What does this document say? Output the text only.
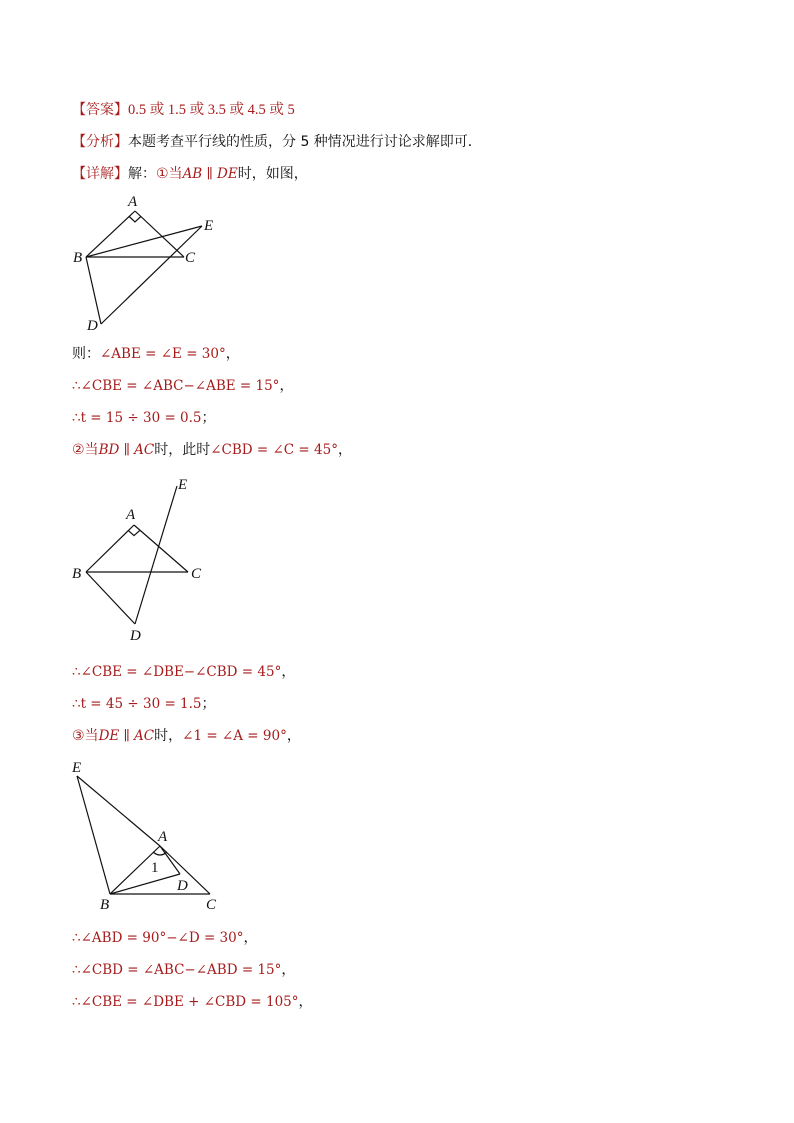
【答案】0.5 或 1.5 或 3.5 或 4.5 或 5
【分析】本题考查平行线的性质，分 5 种情况进行讨论求解即可．
【详解】解：①当AB ∥ DE时，如图，
A
B	C
D
E
则：∠ABE = ∠E = 30°，
∴∠CBE = ∠ABC−∠ABE = 15°，
∴t = 15 ÷ 30 = 0.5；
②当BD ∥ AC时，此时∠CBD = ∠C = 45°，
A
B	C
D
E
∴∠CBE = ∠DBE−∠CBD = 45°，
∴t = 45 ÷ 30 = 1.5；
③当DE ∥ AC时，∠1 = ∠A = 90°，
A
B	C
D
E
1
∴∠ABD = 90°−∠D = 30°，
∴∠CBD = ∠ABC−∠ABD = 15°，
∴∠CBE = ∠DBE + ∠CBD = 105°，
